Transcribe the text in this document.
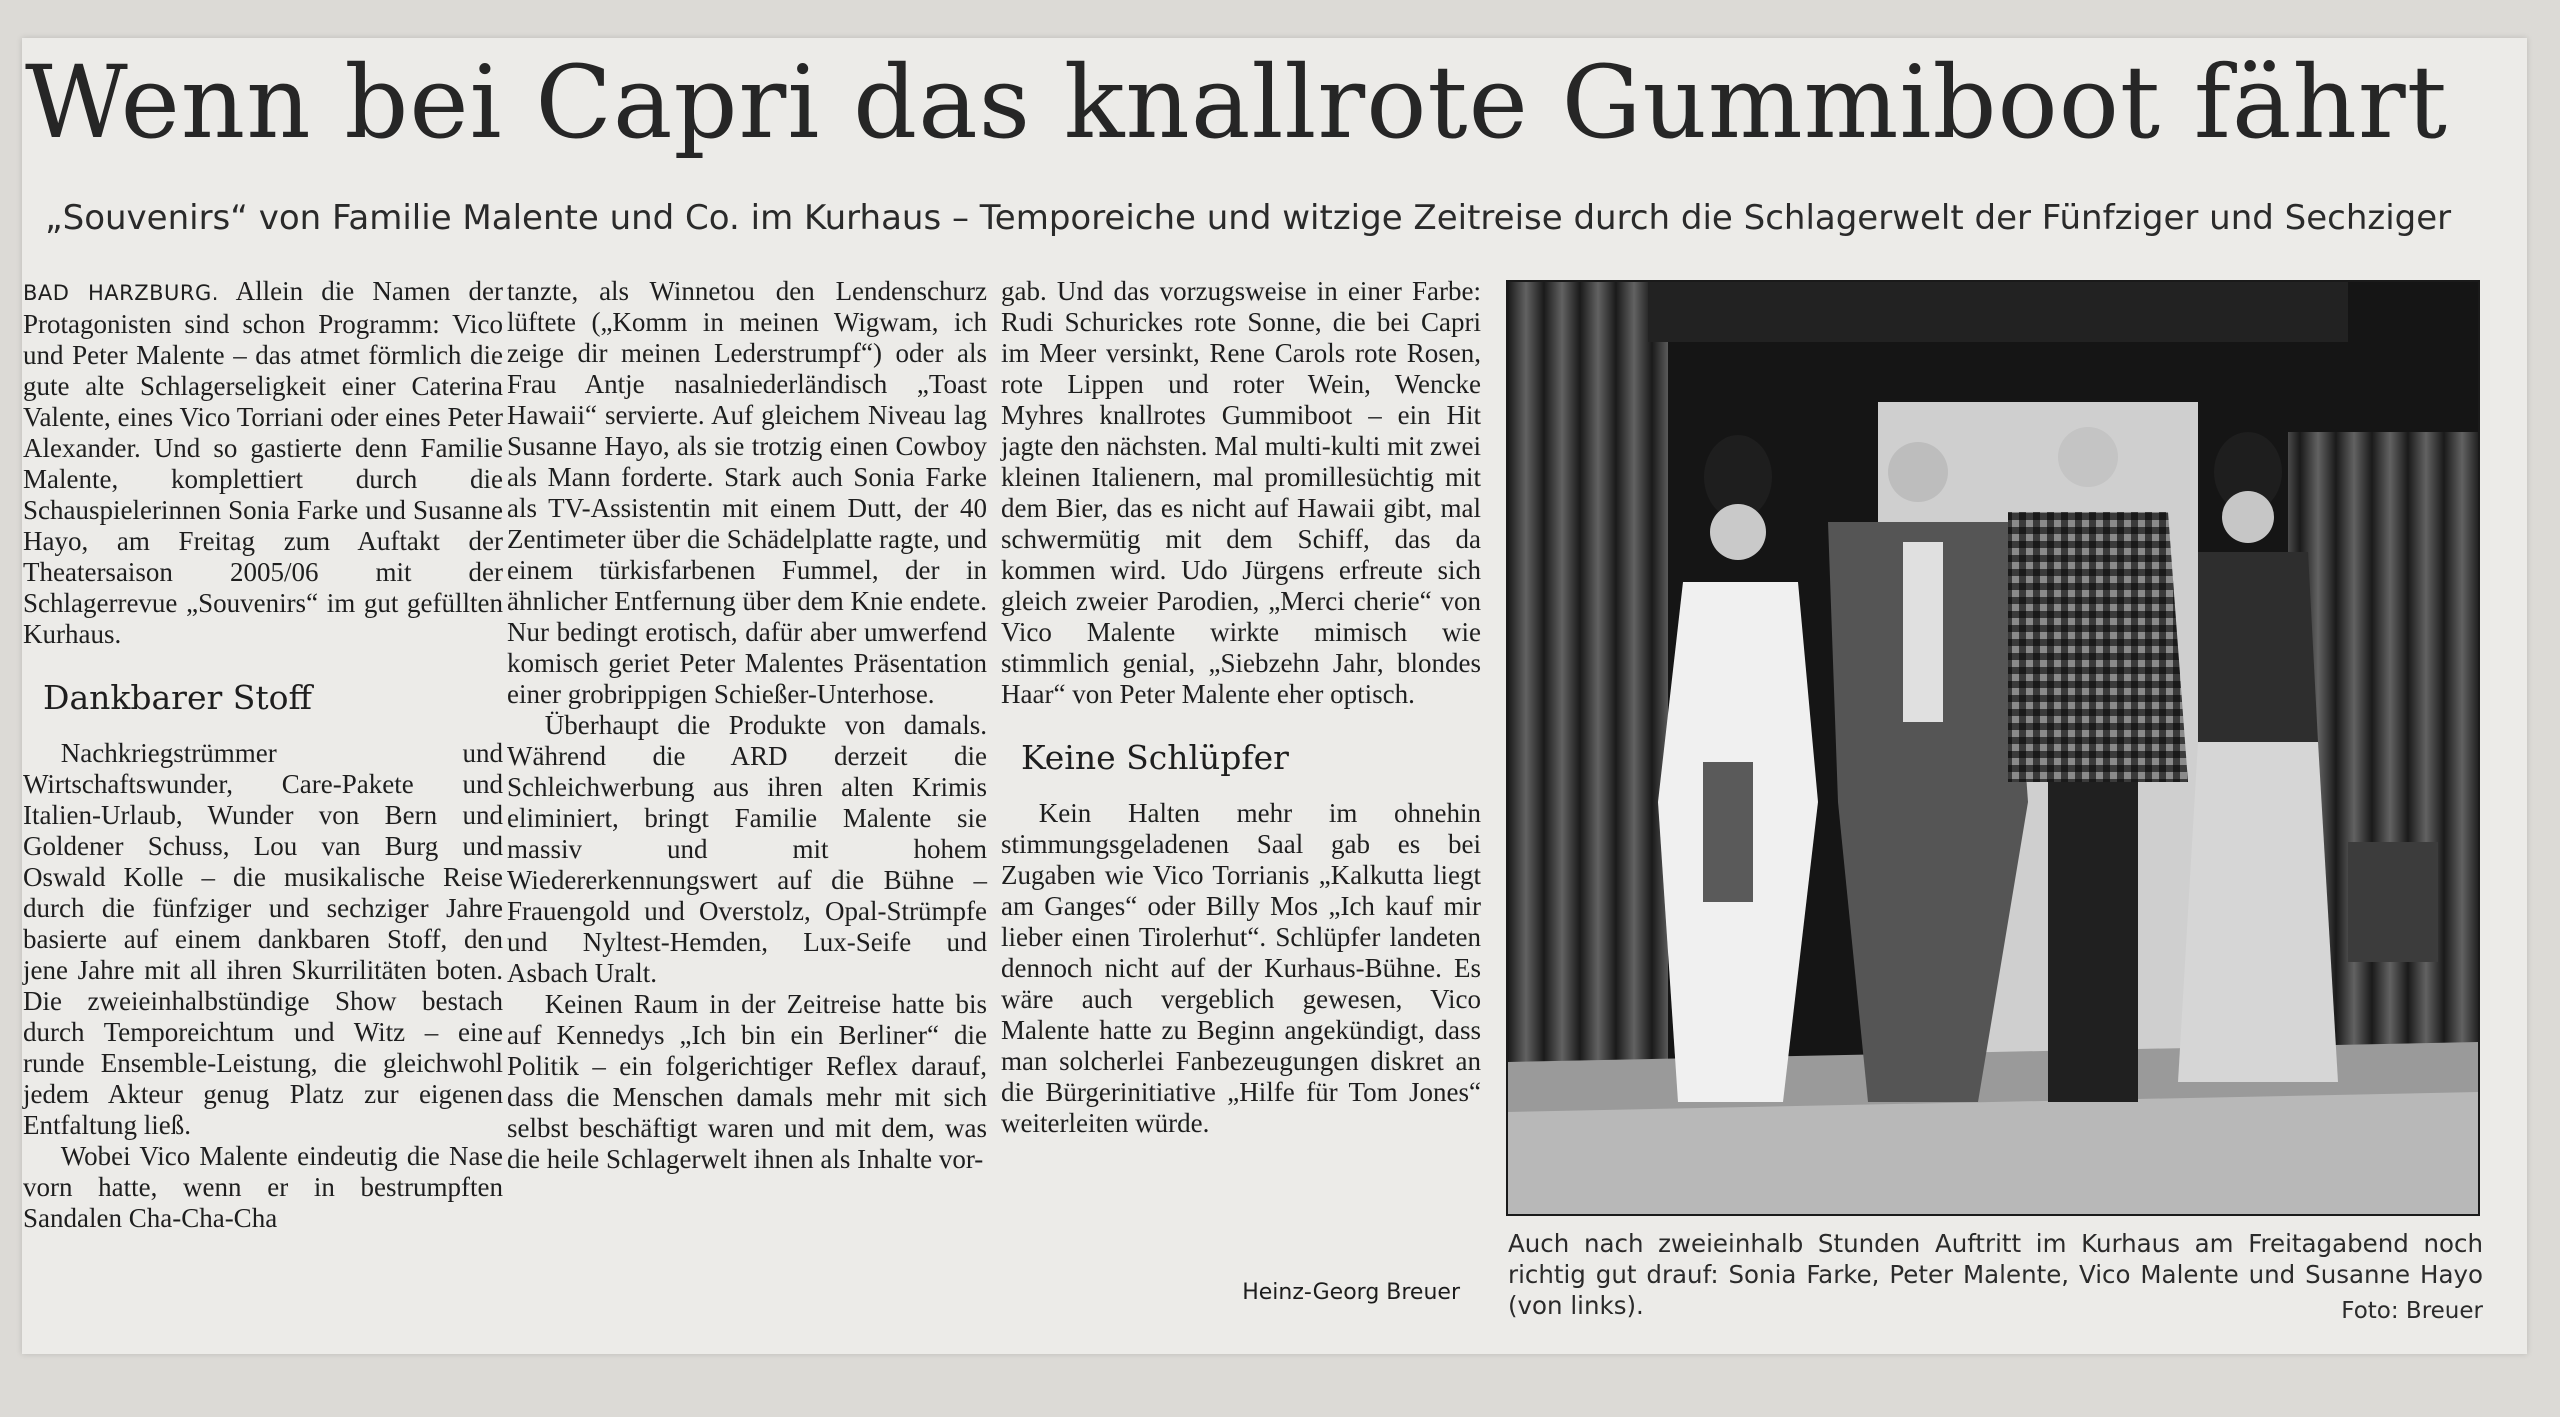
Wenn bei Capri das knallrote Gummiboot fährt
„Souvenirs“ von Familie Malente und Co. im Kurhaus – Temporeiche und witzige Zeitreise durch die Schlagerwelt der Fünfziger und Sechziger

BAD HARZBURG. Allein die Namen der Protagonisten sind schon Programm: Vico und Peter Malente – das atmet förmlich die gute alte Schlagerseligkeit einer Caterina Valente, eines Vico Torriani oder eines Peter Alexander. Und so gastierte denn Familie Malente, komplettiert durch die Schauspielerinnen Sonia Farke und Susanne Hayo, am Freitag zum Auftakt der Theatersaison 2005/06 mit der Schlagerrevue „Souvenirs“ im gut gefüllten Kurhaus.

Dankbarer Stoff

Nachkriegstrümmer und Wirtschaftswunder, Care-Pakete und Italien-Urlaub, Wunder von Bern und Goldener Schuss, Lou van Burg und Oswald Kolle – die musikalische Reise durch die fünfziger und sechziger Jahre basierte auf einem dankbaren Stoff, den jene Jahre mit all ihren Skurrilitäten boten. Die zweieinhalbstündige Show bestach durch Temporeichtum und Witz – eine runde Ensemble-Leistung, die gleichwohl jedem Akteur genug Platz zur eigenen Entfaltung ließ.

Wobei Vico Malente eindeutig die Nase vorn hatte, wenn er in bestrumpften Sandalen Cha-Cha-Cha

tanzte, als Winnetou den Lendenschurz lüftete („Komm in meinen Wigwam, ich zeige dir meinen Lederstrumpf“) oder als Frau Antje nasalniederländisch „Toast Hawaii“ servierte. Auf gleichem Niveau lag Susanne Hayo, als sie trotzig einen Cowboy als Mann forderte. Stark auch Sonia Farke als TV-Assistentin mit einem Dutt, der 40 Zentimeter über die Schädelplatte ragte, und einem türkisfarbenen Fummel, der in ähnlicher Entfernung über dem Knie endete. Nur bedingt erotisch, dafür aber umwerfend komisch geriet Peter Malentes Präsentation einer grobrippigen Schießer-Unterhose.

Überhaupt die Produkte von damals. Während die ARD derzeit die Schleichwerbung aus ihren alten Krimis eliminiert, bringt Familie Malente sie massiv und mit hohem Wiedererkennungswert auf die Bühne – Frauengold und Overstolz, Opal-Strümpfe und Nyltest-Hemden, Lux-Seife und Asbach Uralt.

Keinen Raum in der Zeitreise hatte bis auf Kennedys „Ich bin ein Berliner“ die Politik – ein folgerichtiger Reflex darauf, dass die Menschen damals mehr mit sich selbst beschäftigt waren und mit dem, was die heile Schlagerwelt ihnen als Inhalte vor-

gab. Und das vorzugsweise in einer Farbe: Rudi Schurickes rote Sonne, die bei Capri im Meer versinkt, Rene Carols rote Rosen, rote Lippen und roter Wein, Wencke Myhres knallrotes Gummiboot – ein Hit jagte den nächsten. Mal multi-kulti mit zwei kleinen Italienern, mal promillesüchtig mit dem Bier, das es nicht auf Hawaii gibt, mal schwermütig mit dem Schiff, das da kommen wird. Udo Jürgens erfreute sich gleich zweier Parodien, „Merci cherie“ von Vico Malente wirkte mimisch wie stimmlich genial, „Siebzehn Jahr, blondes Haar“ von Peter Malente eher optisch.

Keine Schlüpfer

Kein Halten mehr im ohnehin stimmungsgeladenen Saal gab es bei Zugaben wie Vico Torrianis „Kalkutta liegt am Ganges“ oder Billy Mos „Ich kauf mir lieber einen Tirolerhut“. Schlüpfer landeten dennoch nicht auf der Kurhaus-Bühne. Es wäre auch vergeblich gewesen, Vico Malente hatte zu Beginn angekündigt, dass man solcherlei Fanbezeugungen diskret an die Bürgerinitiative „Hilfe für Tom Jones“ weiterleiten würde.

Heinz-Georg Breuer
Auch nach zweieinhalb Stunden Auftritt im Kurhaus am Freitagabend noch richtig gut drauf: Sonia Farke, Peter Malente, Vico Malente und Susanne Hayo (von links).	Foto: Breuer
